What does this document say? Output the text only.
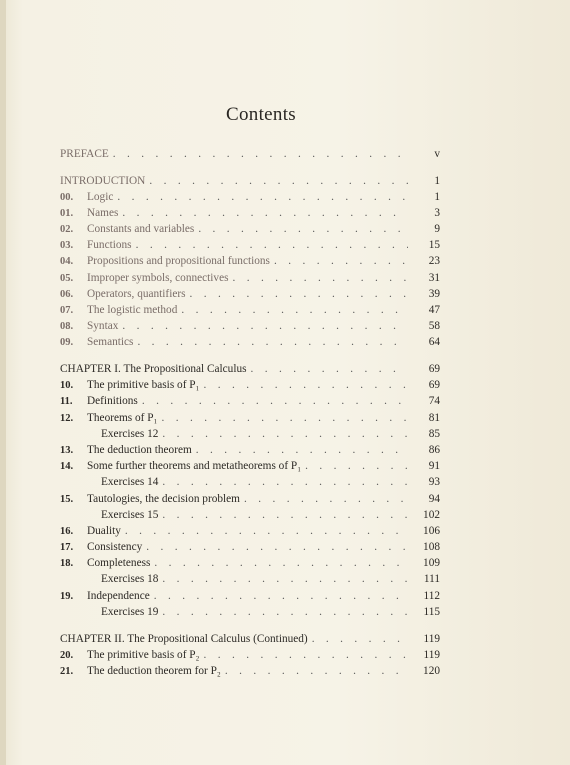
Contents
PREFACE . . .	v
INTRODUCTION . . .	1
00.	Logic . . .	1
01.	Names . . .	3
02.	Constants and variables . . .	9
03.	Functions . . .	15
04.	Propositions and propositional functions . . .	23
05.	Improper symbols, connectives . . .	31
06.	Operators, quantifiers . . .	39
07.	The logistic method . . .	47
08.	Syntax . . .	58
09.	Semantics . . .	64
CHAPTER I. The Propositional Calculus . . .	69
10.	The primitive basis of P₁ . . .	69
11.	Definitions . . .	74
12.	Theorems of P₁ . . .	81
Exercises 12 . . .	85
13.	The deduction theorem . . .	86
14.	Some further theorems and metatheorems of P₁ . . .	91
Exercises 14 . . .	93
15.	Tautologies, the decision problem . . .	94
Exercises 15 . . .	102
16.	Duality . . .	106
17.	Consistency . . .	108
18.	Completeness . . .	109
Exercises 18 . . .	111
19.	Independence . . .	112
Exercises 19 . . .	115
CHAPTER II. The Propositional Calculus (Continued) . . .	119
20.	The primitive basis of P₂ . . .	119
21.	The deduction theorem for P₂ . . .	120
